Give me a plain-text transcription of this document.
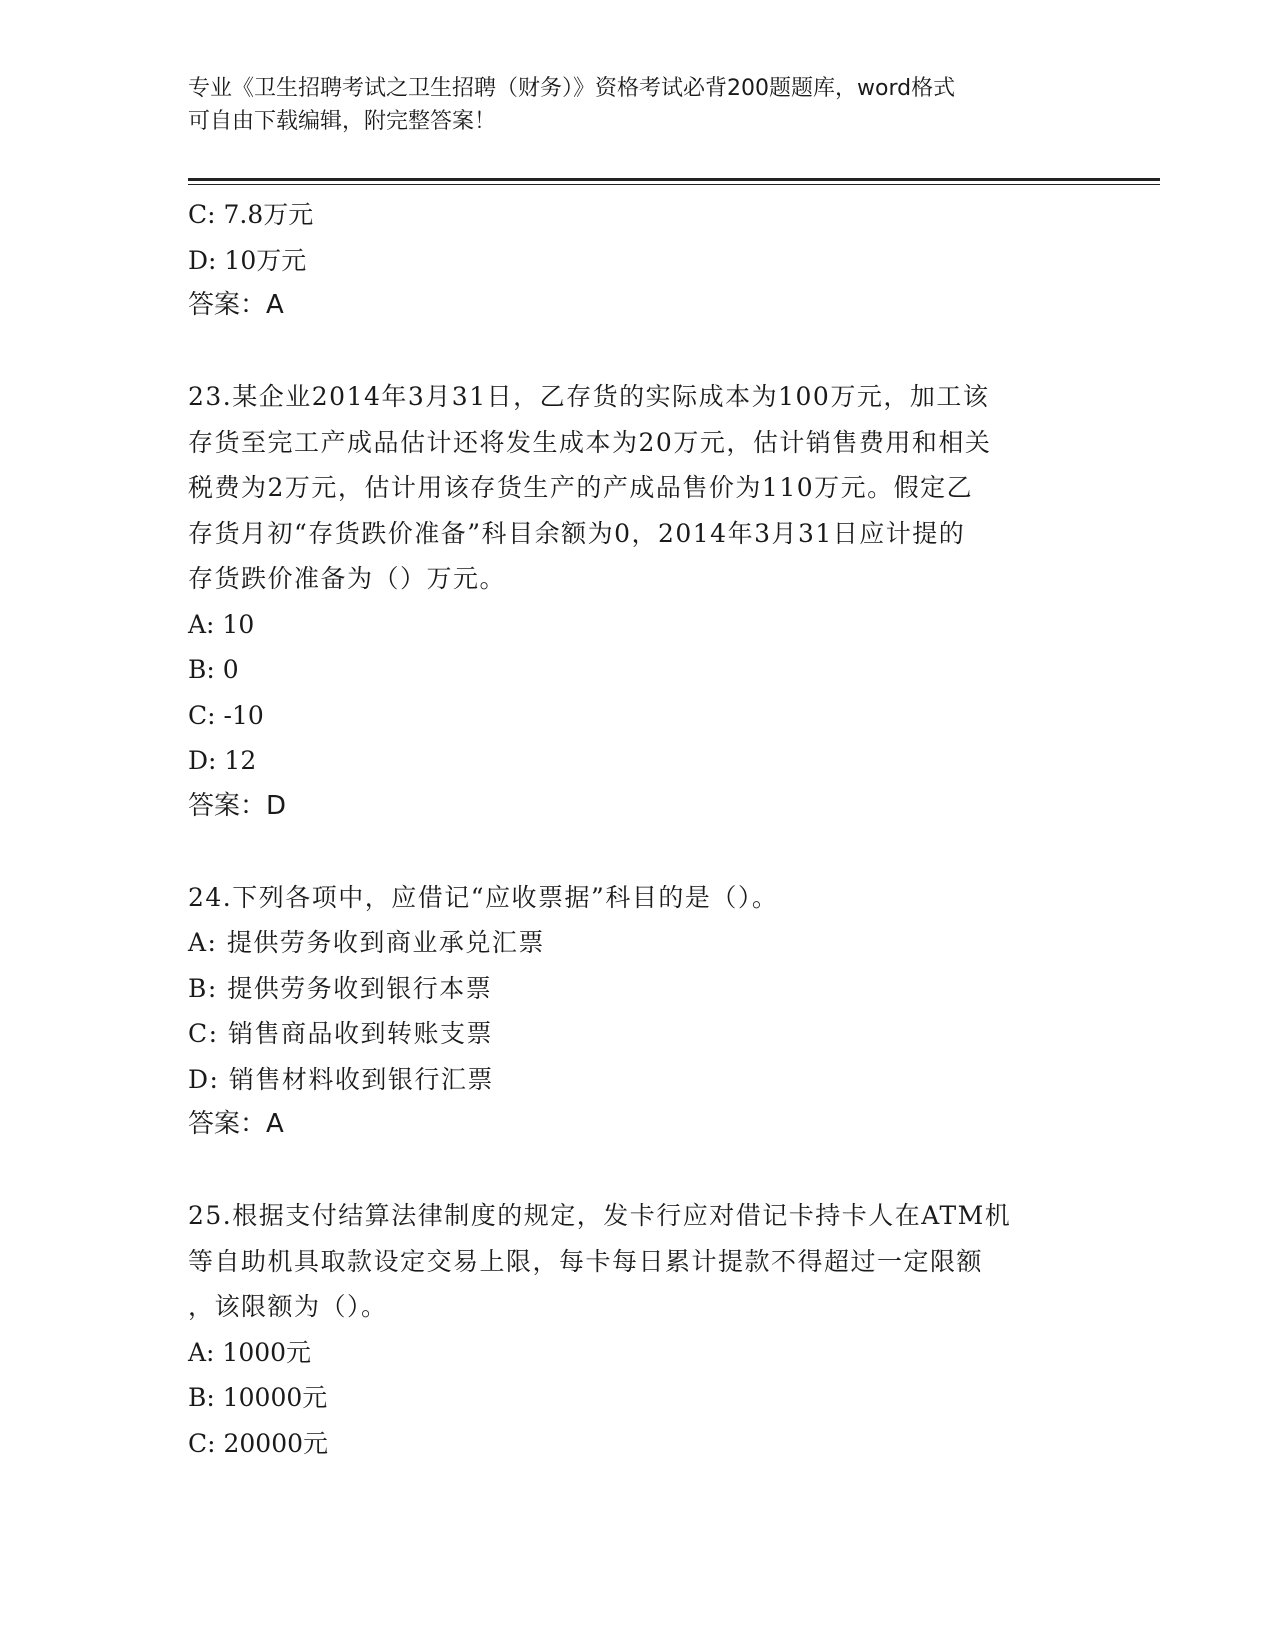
专业《卫生招聘考试之卫生招聘（财务）》资格考试必背200题题库，word格式
可自由下载编辑，附完整答案！

C: 7.8万元

D: 10万元

答案：A

23.某企业2014年3月31日，乙存货的实际成本为100万元，加工该

存货至完工产成品估计还将发生成本为20万元，估计销售费用和相关

税费为2万元，估计用该存货生产的产成品售价为110万元。假定乙

存货月初“存货跌价准备”科目余额为0，2014年3月31日应计提的

存货跌价准备为（）万元。

A: 10

B: 0

C: -10

D: 12

答案：D

24.下列各项中，应借记“应收票据”科目的是（）。

A: 提供劳务收到商业承兑汇票

B: 提供劳务收到银行本票

C: 销售商品收到转账支票

D: 销售材料收到银行汇票

答案：A

25.根据支付结算法律制度的规定，发卡行应对借记卡持卡人在ATM机

等自助机具取款设定交易上限，每卡每日累计提款不得超过一定限额

，该限额为（）。

A: 1000元

B: 10000元

C: 20000元
